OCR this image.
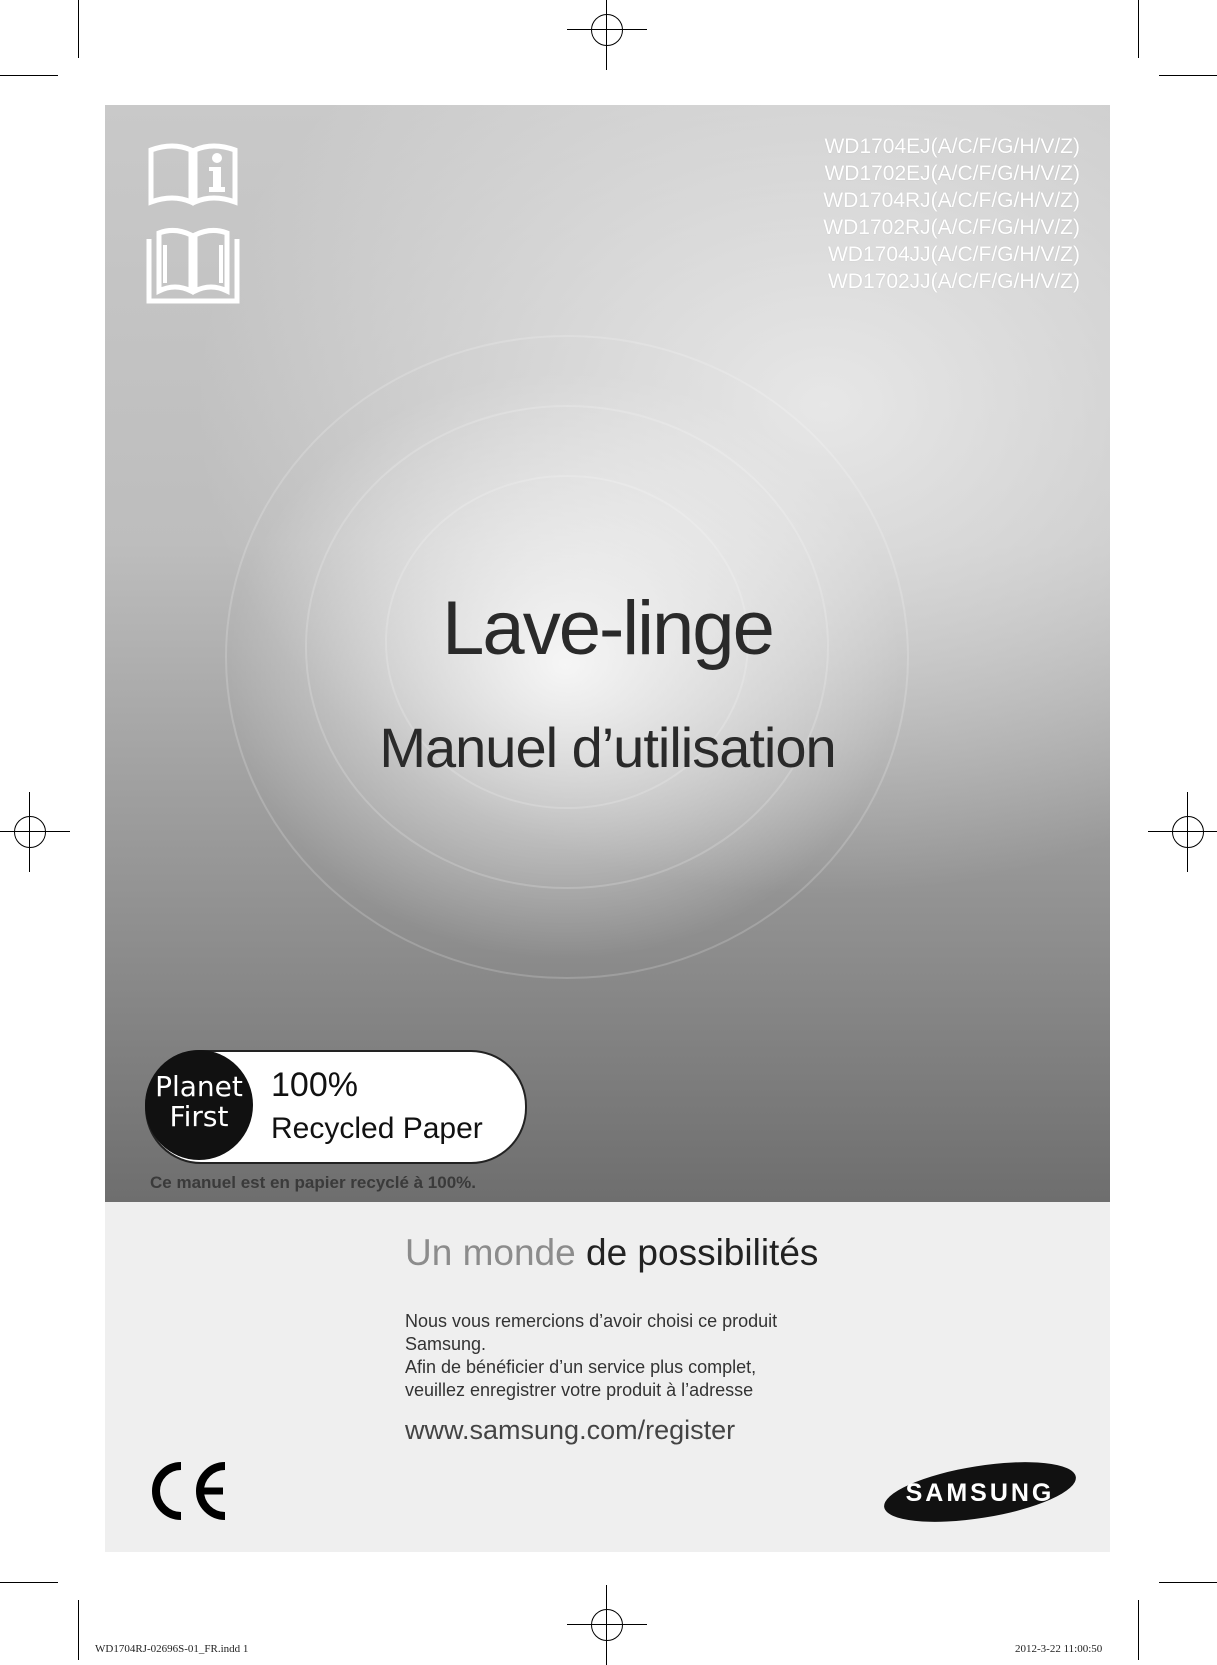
WD1704EJ(A/C/F/G/H/V/Z)
WD1702EJ(A/C/F/G/H/V/Z)
WD1704RJ(A/C/F/G/H/V/Z)
WD1702RJ(A/C/F/G/H/V/Z)
WD1704JJ(A/C/F/G/H/V/Z)
WD1702JJ(A/C/F/G/H/V/Z)
Lave-linge
Manuel d’utilisation
Planet
First
100%
Recycled Paper
Ce manuel est en papier recyclé à 100%.
Un monde de possibilités
Nous vous remercions d’avoir choisi ce produit
Samsung.
Afin de bénéficier d’un service plus complet,
veuillez enregistrer votre produit à l’adresse
www.samsung.com/register
SAMSUNG
WD1704RJ-02696S-01_FR.indd 1	2012-3-22 11:00:50
